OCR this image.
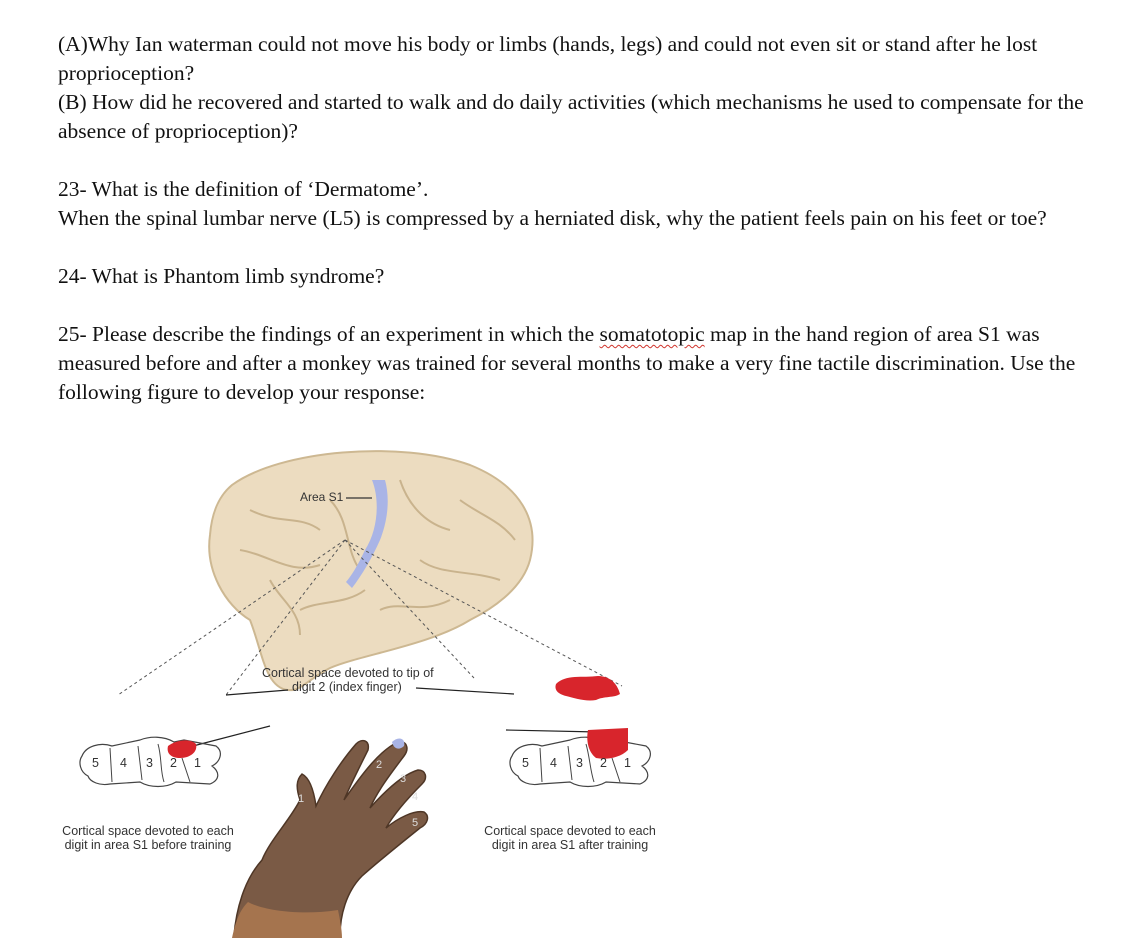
(A)Why Ian waterman could not move his body or limbs (hands, legs) and could not even sit or stand after he lost proprioception?

(B) How did he recovered and started to walk and do daily activities (which mechanisms he used to compensate for the absence of proprioception)?

23- What is the definition of ‘Dermatome’.

When the spinal lumbar nerve (L5) is compressed by a herniated disk, why the patient feels pain on his feet or toe?

24- What is Phantom limb syndrome?

25- Please describe the findings of an experiment in which the somatotopic map in the hand region of area S1 was measured before and after a monkey was trained for several months to make a very fine tactile discrimination. Use the following figure to develop your response:

Area S1
Cortical space devoted to tip of
digit 2 (index finger)
5 4 3 2 1	5 4 3 2 1
1
2
3
4
5
Cortical space devoted to each
digit in area S1 before training
Cortical space devoted to each
digit in area S1 after training
